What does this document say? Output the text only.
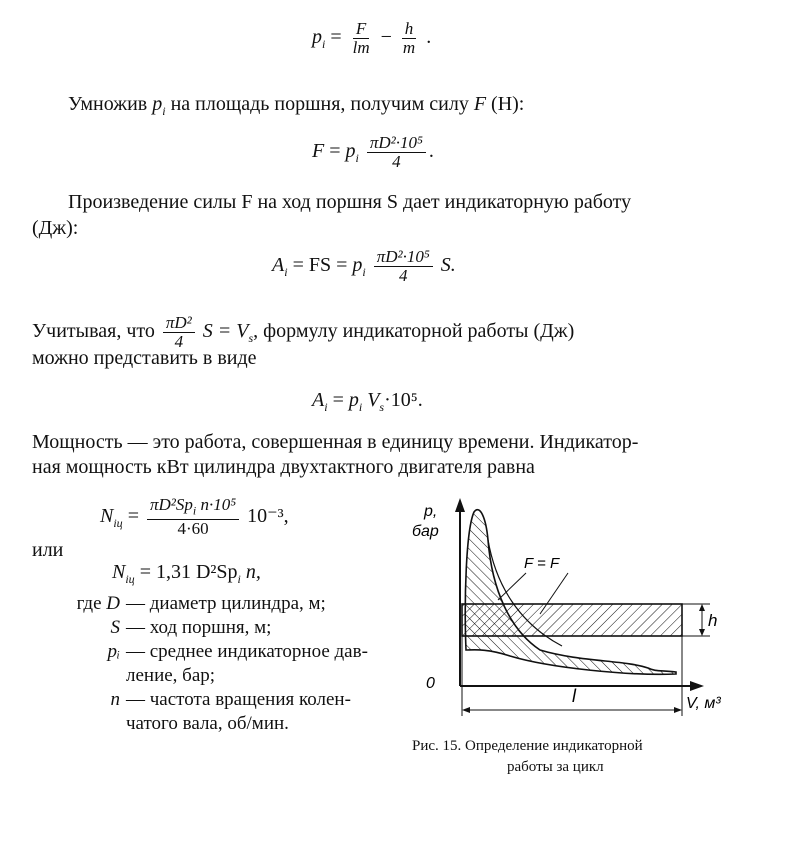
$p_i = \frac{F}{lm} - \frac{h}{m}$ .
Умножив $p_i$ на площадь поршня, получим силу F (Н):
$F = p_i \frac{\text{πD²·10⁵}}{4}$ .
Произведение силы F на ход поршня S дает индикаторную работу
(Дж):
$A_i$ = FS = $p_i \frac{\text{πD²·10⁵}}{4} S$.
Учитывая, что $\frac{\text{πD²}}{4}$ $S = V_s$, формулу индикаторной работы (Дж)
можно представить в виде
$A_i = p_i$ $V_s\cdot 10^5$.
Мощность — это работа, совершенная в единицу времени. Индикатор-
ная мощность кВт цилиндра двухтактного двигателя равна
$N_{iц} = \frac{\pi D^2Sp_i n\cdot 10^5}{4\cdot 60} 10^{-3}$,
или
$N_{iц} = 1,31$ $D^2Sp_i$ n,
где D — диаметр цилиндра, м;
S — ход поршня, м;
pᵢ — среднее индикаторное дав-
ление, бар;
n — частота вращения колен-
чатого вала, об/мин.
h
F = F
l
p,
бар
0
V, м³
Рис. 15. Определение индикаторной
работы за цикл
